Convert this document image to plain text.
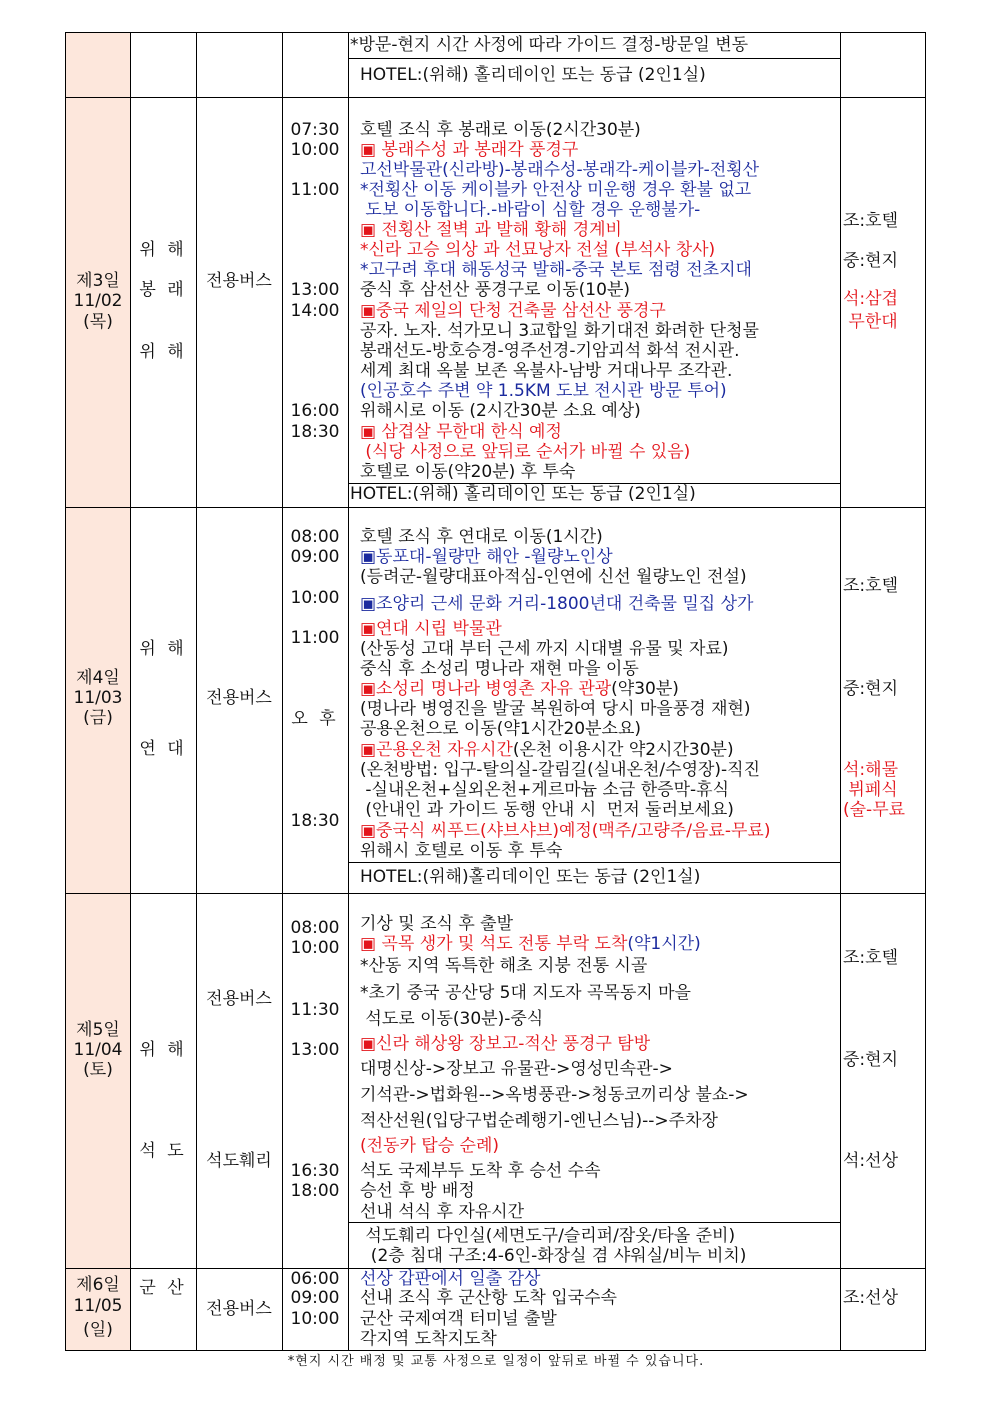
*방문-현지 시간 사정에 따라 가이드 결정-방문일 변동
HOTEL:(위해) 홀리데이인 또는 동급 (2인1실)
제3일
11/02
(목)
위 해
봉 래
위 해
전용버스
07:30
10:00
11:00
13:00
14:00
16:00
18:30
호텔 조식 후 봉래로 이동(2시간30분)
▣ 봉래수성 과 봉래각 풍경구
고선박물관(신라방)-봉래수성-봉래각-케이블카-전횡산
*전횡산 이동 케이블카 안전상 미운행 경우 환불 없고
도보 이동합니다.-바람이 심할 경우 운행불가-
▣ 전횡산 절벽 과 발해 황해 경계비
*신라 고승 의상 과 선묘낭자 전설 (부석사 창사)
*고구려 후대 해동성국 발해-중국 본토 점령 전초지대
중식 후 삼선산 풍경구로 이동(10분)
▣중국 제일의 단청 건축물 삼선산 풍경구
공자. 노자. 석가모니 3교합일 화기대전 화려한 단청물
봉래선도-방호승경-영주선경-기암괴석 화석 전시관.
세계 최대 옥불 보존 옥불사-남방 거대나무 조각관.
(인공호수 주변 약 1.5KM 도보 전시관 방문 투어)
위해시로 이동 (2시간30분 소요 예상)
▣ 삼겹살 무한대 한식 예정
(식당 사정으로 앞뒤로 순서가 바뀔 수 있음)
호텔로 이동(약20분) 후 투숙
HOTEL:(위해) 홀리데이인 또는 동급 (2인1실)
조:호텔
중:현지
석:삼겹
무한대
제4일
11/03
(금)
위 해
연 대
전용버스
08:00
09:00
10:00
11:00
오 후
18:30
호텔 조식 후 연대로 이동(1시간)
▣동포대-월량만 해안 -월량노인상
(등려군-월량대표아적심-인연에 신선 월량노인 전설)
▣조양리 근세 문화 거리-1800년대 건축물 밀집 상가
▣연대 시립 박물관
(산동성 고대 부터 근세 까지 시대별 유물 및 자료)
중식 후 소성리 명나라 재현 마을 이동
▣소성리 명나라 병영촌 자유 관광(약30분)
(명나라 병영진을 발굴 복원하여 당시 마을풍경 재현)
공용온천으로 이동(약1시간20분소요)
▣곤용온천 자유시간(온천 이용시간 약2시간30분)
(온천방법: 입구-탈의실-갈림길(실내온천/수영장)-직진
-실내온천+실외온천+게르마늄 소금 한증막-휴식
(안내인 과 가이드 동행 안내 시  먼저 둘러보세요)
▣중국식 씨푸드(샤브샤브)예정(맥주/고량주/음료-무료)
위해시 호텔로 이동 후 투숙
HOTEL:(위해)홀리데이인 또는 동급 (2인1실)
조:호텔
중:현지
석:해물
뷔페식
(술-무료
제5일
11/04
(토)
위 해
석 도
전용버스
석도훼리
08:00
10:00
11:30
13:00
16:30
18:00
기상 및 조식 후 출발
▣ 곡목 생가 및 석도 전통 부락 도착(약1시간)
*산동 지역 독특한 해초 지붕 전통 시골
*초기 중국 공산당 5대 지도자 곡목동지 마을
석도로 이동(30분)-중식
▣신라 해상왕 장보고-적산 풍경구 탐방
대명신상->장보고 유물관->영성민속관->
기석관->법화원-->옥병풍관->청동코끼리상 불쇼->
적산선원(입당구법순례행기-엔닌스님)-->주차장
(전동카 탑승 순례)
석도 국제부두 도착 후 승선 수속
승선 후 방 배정
선내 석식 후 자유시간
석도훼리 다인실(세면도구/슬리퍼/잠옷/타올 준비)
(2층 침대 구조:4-6인-화장실 겸 샤워실/비누 비치)
조:호텔
중:현지
석:선상
제6일
11/05
(일)
군 산
전용버스
06:00
09:00
10:00
선상 갑판에서 일출 감상
선내 조식 후 군산항 도착 입국수속
군산 국제여객 터미널 출발
각지역 도착지도착
조:선상
*현지 시간 배정 및 교통 사정으로 일정이 앞뒤로 바뀔 수 있습니다.
